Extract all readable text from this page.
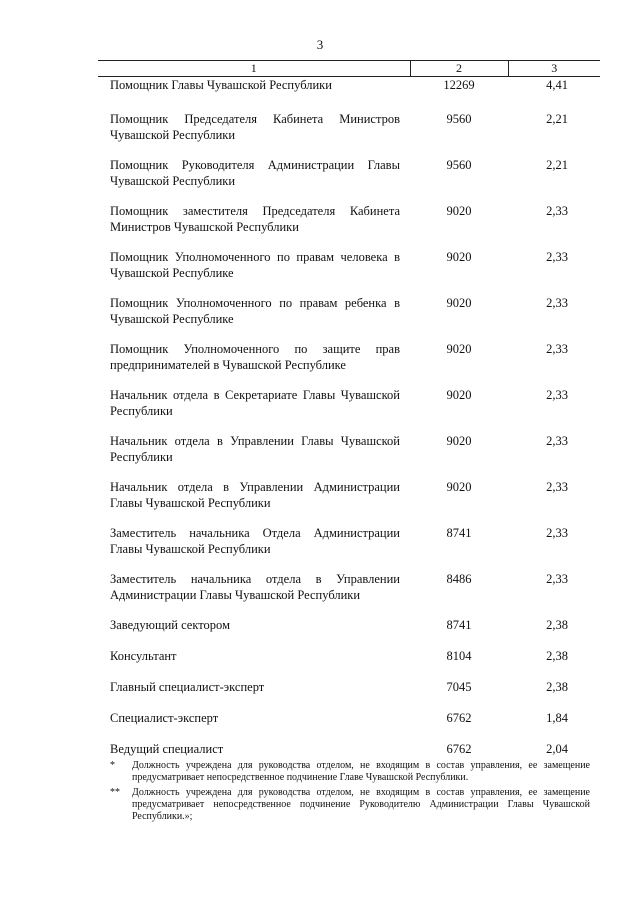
3
1	2	3
Помощник Главы Чувашской Республики	12269	4,41
Помощник Председателя Кабинета Министров Чувашской Республики	9560	2,21
Помощник Руководителя Администрации Главы Чувашской Республики	9560	2,21
Помощник заместителя Председателя Кабинета Министров Чувашской Республики	9020	2,33
Помощник Уполномоченного по правам человека в Чувашской Республике	9020	2,33
Помощник Уполномоченного по правам ребенка в Чувашской Республике	9020	2,33
Помощник Уполномоченного по защите прав предпринимателей в Чувашской Республике	9020	2,33
Начальник отдела в Секретариате Главы Чувашской Республики	9020	2,33
Начальник отдела в Управлении Главы Чувашской Республики	9020	2,33
Начальник отдела в Управлении Администрации Главы Чувашской Республики	9020	2,33
Заместитель начальника Отдела Администрации Главы Чувашской Республики	8741	2,33
Заместитель начальника отдела в Управлении Администрации Главы Чувашской Республики	8486	2,33
Заведующий сектором	8741	2,38
Консультант	8104	2,38
Главный специалист-эксперт	7045	2,38
Специалист-эксперт	6762	1,84
Ведущий специалист	6762	2,04
* Должность учреждена для руководства отделом, не входящим в состав управления, ее замещение предусматривает непосредственное подчинение Главе Чувашской Республики.
** Должность учреждена для руководства отделом, не входящим в состав управления, ее замещение предусматривает непосредственное подчинение Руководителю Администрации Главы Чувашской Республики.»;
